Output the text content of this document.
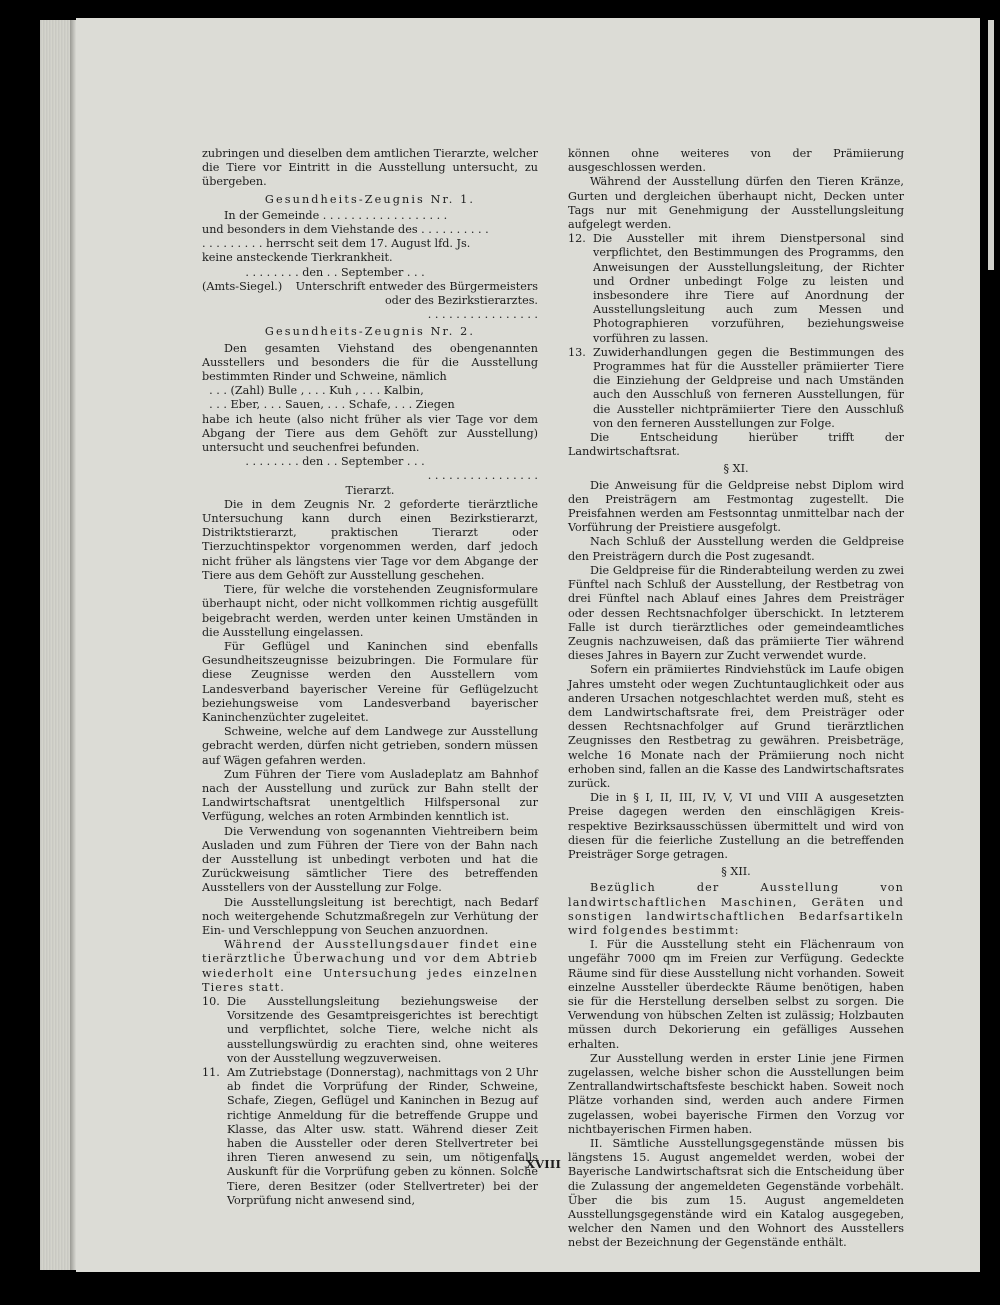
zubringen und dieselben dem amtlichen Tierarzte, welcher die Tiere vor Eintritt in die Ausstellung untersucht, zu übergeben.

Gesundheits-Zeugnis Nr. 1.

In der Gemeinde . . . . . . . . . . . . . . . . . .

und besonders in dem Viehstande des . . . . . . . . . .

. . . . . . . . . herrscht seit dem 17. August lfd. Js.

keine ansteckende Tierkrankheit.

. . . . . . . . den . . September . . .

(Amts-Siegel.) Unterschrift entweder des Bürgermeisters

oder des Bezirkstierarztes.

. . . . . . . . . . . . . . . .

Gesundheits-Zeugnis Nr. 2.

Den gesamten Viehstand des obengenannten Ausstellers und besonders die für die Ausstellung bestimmten Rinder und Schweine, nämlich

. . . (Zahl) Bulle , . . . Kuh , . . . Kalbin,

. . . Eber, . . . Sauen, . . . Schafe, . . . Ziegen

habe ich heute (also nicht früher als vier Tage vor dem Abgang der Tiere aus dem Gehöft zur Ausstellung) untersucht und seuchenfrei befunden.

. . . . . . . . den . . September . . .

. . . . . . . . . . . . . . . .

Tierarzt.

Die in dem Zeugnis Nr. 2 geforderte tierärztliche Untersuchung kann durch einen Bezirkstierarzt, Distriktstierarzt, praktischen Tierarzt oder Tierzuchtinspektor vorgenommen werden, darf jedoch nicht früher als längstens vier Tage vor dem Abgange der Tiere aus dem Gehöft zur Ausstellung geschehen.

Tiere, für welche die vorstehenden Zeugnisformulare überhaupt nicht, oder nicht vollkommen richtig ausgefüllt beigebracht werden, werden unter keinen Umständen in die Ausstellung eingelassen.

Für Geflügel und Kaninchen sind ebenfalls Gesundheitszeugnisse beizubringen. Die Formulare für diese Zeugnisse werden den Ausstellern vom Landesverband bayerischer Vereine für Geflügelzucht beziehungsweise vom Landesverband bayerischer Kaninchenzüchter zugeleitet.

Schweine, welche auf dem Landwege zur Ausstellung gebracht werden, dürfen nicht getrieben, sondern müssen auf Wägen gefahren werden.

Zum Führen der Tiere vom Ausladeplatz am Bahnhof nach der Ausstellung und zurück zur Bahn stellt der Landwirtschaftsrat unentgeltlich Hilfspersonal zur Verfügung, welches an roten Armbinden kenntlich ist.

Die Verwendung von sogenannten Viehtreibern beim Ausladen und zum Führen der Tiere von der Bahn nach der Ausstellung ist unbedingt verboten und hat die Zurückweisung sämtlicher Tiere des betreffenden Ausstellers von der Ausstellung zur Folge.

Die Ausstellungsleitung ist berechtigt, nach Bedarf noch weitergehende Schutzmaßregeln zur Verhütung der Ein- und Verschleppung von Seuchen anzuordnen.

Während der Ausstellungsdauer findet eine tierärztliche Überwachung und vor dem Abtrieb wiederholt eine Untersuchung jedes einzelnen Tieres statt.

10. Die Ausstellungsleitung beziehungsweise der Vorsitzende des Gesamtpreisgerichtes ist berechtigt und verpflichtet, solche Tiere, welche nicht als ausstellungswürdig zu erachten sind, ohne weiteres von der Ausstellung wegzuverweisen.

11. Am Zutriebstage (Donnerstag), nachmittags von 2 Uhr ab findet die Vorprüfung der Rinder, Schweine, Schafe, Ziegen, Geflügel und Kaninchen in Bezug auf richtige Anmeldung für die betreffende Gruppe und Klasse, das Alter usw. statt. Während dieser Zeit haben die Aussteller oder deren Stellvertreter bei ihren Tieren anwesend zu sein, um nötigenfalls Auskunft für die Vorprüfung geben zu können. Solche Tiere, deren Besitzer (oder Stellvertreter) bei der Vorprüfung nicht anwesend sind,

können ohne weiteres von der Prämiierung ausgeschlossen werden.

Während der Ausstellung dürfen den Tieren Kränze, Gurten und dergleichen überhaupt nicht, Decken unter Tags nur mit Genehmigung der Ausstellungsleitung aufgelegt werden.

12. Die Aussteller mit ihrem Dienstpersonal sind verpflichtet, den Bestimmungen des Programms, den Anweisungen der Ausstellungsleitung, der Richter und Ordner unbedingt Folge zu leisten und insbesondere ihre Tiere auf Anordnung der Ausstellungsleitung auch zum Messen und Photographieren vorzuführen, beziehungsweise vorführen zu lassen.

13. Zuwiderhandlungen gegen die Bestimmungen des Programmes hat für die Aussteller prämiierter Tiere die Einziehung der Geldpreise und nach Umständen auch den Ausschluß von ferneren Ausstellungen, für die Aussteller nichtprämiierter Tiere den Ausschluß von den ferneren Ausstellungen zur Folge.

Die Entscheidung hierüber trifft der Landwirtschaftsrat.

§ XI.

Die Anweisung für die Geldpreise nebst Diplom wird den Preisträgern am Festmontag zugestellt. Die Preisfahnen werden am Festsonntag unmittelbar nach der Vorführung der Preistiere ausgefolgt.

Nach Schluß der Ausstellung werden die Geldpreise den Preisträgern durch die Post zugesandt.

Die Geldpreise für die Rinderabteilung werden zu zwei Fünftel nach Schluß der Ausstellung, der Restbetrag von drei Fünftel nach Ablauf eines Jahres dem Preisträger oder dessen Rechtsnachfolger überschickt. In letzterem Falle ist durch tierärztliches oder gemeindeamtliches Zeugnis nachzuweisen, daß das prämiierte Tier während dieses Jahres in Bayern zur Zucht verwendet wurde.

Sofern ein prämiiertes Rindviehstück im Laufe obigen Jahres umsteht oder wegen Zuchtuntauglichkeit oder aus anderen Ursachen notgeschlachtet werden muß, steht es dem Landwirtschaftsrate frei, dem Preisträger oder dessen Rechtsnachfolger auf Grund tierärztlichen Zeugnisses den Restbetrag zu gewähren. Preisbeträge, welche 16 Monate nach der Prämiierung noch nicht erhoben sind, fallen an die Kasse des Landwirtschaftsrates zurück.

Die in § I, II, III, IV, V, VI und VIII A ausgesetzten Preise dagegen werden den einschlägigen Kreis- respektive Bezirksausschüssen übermittelt und wird von diesen für die feierliche Zustellung an die betreffenden Preisträger Sorge getragen.

§ XII.

Bezüglich der Ausstellung von landwirtschaftlichen Maschinen, Geräten und sonstigen landwirtschaftlichen Bedarfsartikeln wird folgendes bestimmt:

I. Für die Ausstellung steht ein Flächenraum von ungefähr 7000 qm im Freien zur Verfügung. Gedeckte Räume sind für diese Ausstellung nicht vorhanden. Soweit einzelne Aussteller überdeckte Räume benötigen, haben sie für die Herstellung derselben selbst zu sorgen. Die Verwendung von hübschen Zelten ist zulässig; Holzbauten müssen durch Dekorierung ein gefälliges Aussehen erhalten.

Zur Ausstellung werden in erster Linie jene Firmen zugelassen, welche bisher schon die Ausstellungen beim Zentrallandwirtschaftsfeste beschickt haben. Soweit noch Plätze vorhanden sind, werden auch andere Firmen zugelassen, wobei bayerische Firmen den Vorzug vor nichtbayerischen Firmen haben.

II. Sämtliche Ausstellungsgegenstände müssen bis längstens 15. August angemeldet werden, wobei der Bayerische Landwirtschaftsrat sich die Entscheidung über die Zulassung der angemeldeten Gegenstände vorbehält. Über die bis zum 15. August angemeldeten Ausstellungsgegenstände wird ein Katalog ausgegeben, welcher den Namen und den Wohnort des Ausstellers nebst der Bezeichnung der Gegenstände enthält.

XVIII
